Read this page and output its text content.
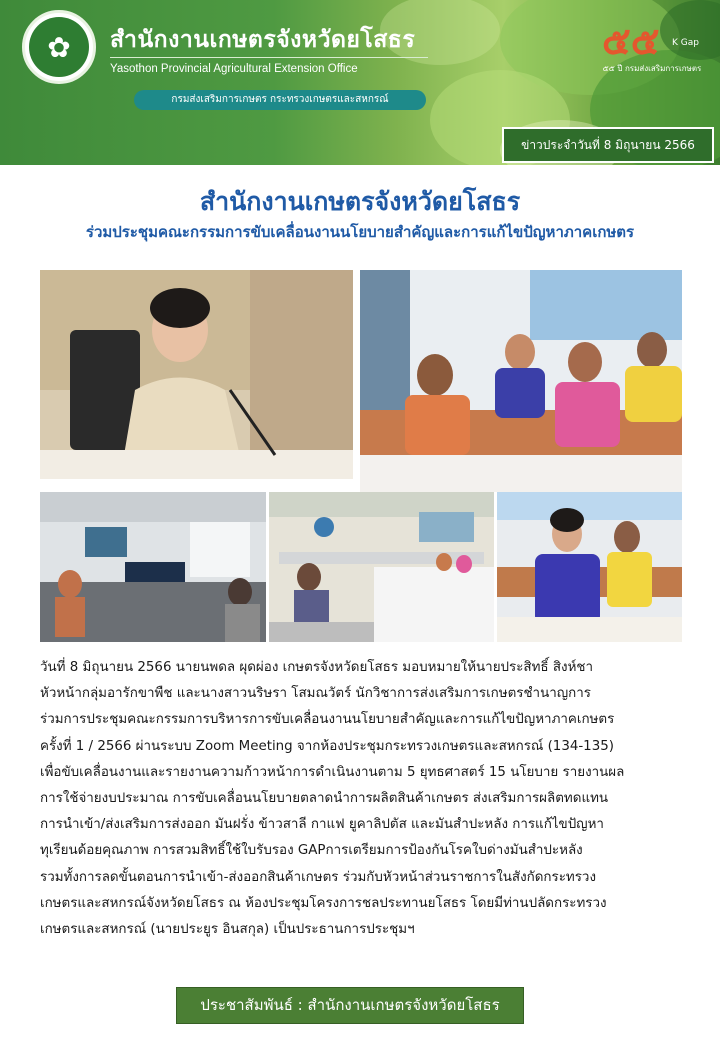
✿	สำนักงานเกษตรจังหวัดยโสธร
Yasothon Provincial Agricultural Extension Office
กรมส่งเสริมการเกษตร กระทรวงเกษตรและสหกรณ์
๕๕ K Gap
๕๕ ปี กรมส่งเสริมการเกษตร
ข่าวประจำวันที่ 8 มิถุนายน 2566
สำนักงานเกษตรจังหวัดยโสธร
ร่วมประชุมคณะกรรมการขับเคลื่อนงานนโยบายสำคัญและการแก้ไขปัญหาภาคเกษตร
วันที่ 8 มิถุนายน 2566 นายนพดล ผุดผ่อง เกษตรจังหวัดยโสธร มอบหมายให้นายประสิทธิ์ สิงห์ชา
หัวหน้ากลุ่มอารักขาพืช และนางสาวนริษรา โสมณวัตร์ นักวิชาการส่งเสริมการเกษตรชำนาญการ
ร่วมการประชุมคณะกรรมการบริหารการขับเคลื่อนงานนโยบายสำคัญและการแก้ไขปัญหาภาคเกษตร
ครั้งที่ 1 / 2566 ผ่านระบบ Zoom Meeting จากห้องประชุมกระทรวงเกษตรและสหกรณ์ (134-135)
เพื่อขับเคลื่อนงานและรายงานความก้าวหน้าการดำเนินงานตาม 5 ยุทธศาสตร์ 15 นโยบาย รายงานผล
การใช้จ่ายงบประมาณ การขับเคลื่อนนโยบายตลาดนำการผลิตสินค้าเกษตร ส่งเสริมการผลิตทดแทน
การนำเข้า/ส่งเสริมการส่งออก มันฝรั่ง ข้าวสาลี กาแฟ ยูคาลิปตัส และมันสำปะหลัง การแก้ไขปัญหา
ทุเรียนด้อยคุณภาพ การสวมสิทธิ์ใช้ใบรับรอง GAPการเตรียมการป้องกันโรคใบด่างมันสำปะหลัง
รวมทั้งการลดขั้นตอนการนำเข้า-ส่งออกสินค้าเกษตร ร่วมกับหัวหน้าส่วนราชการในสังกัดกระทรวง
เกษตรและสหกรณ์จังหวัดยโสธร ณ ห้องประชุมโครงการชลประทานยโสธร โดยมีท่านปลัดกระทรวง
เกษตรและสหกรณ์ (นายประยูร อินสกุล) เป็นประธานการประชุมฯ
ประชาสัมพันธ์ : สำนักงานเกษตรจังหวัดยโสธร
